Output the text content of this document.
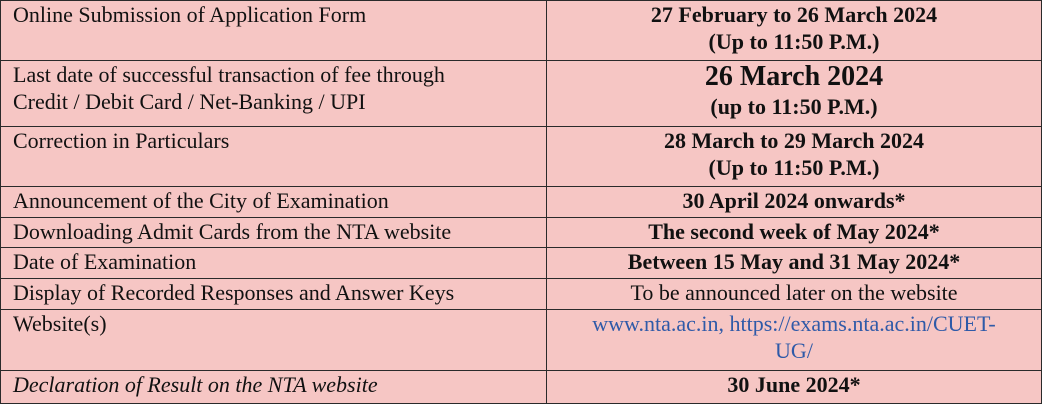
Online Submission of Application Form	27 February to 26 March 2024
(Up to 11:50 P.M.)

Last date of successful transaction of fee through
Credit / Debit Card / Net-Banking / UPI	26 March 2024
(up to 11:50 P.M.)

Correction in Particulars	28 March to 29 March 2024
(Up to 11:50 P.M.)

Announcement of the City of Examination	30 April 2024 onwards*

Downloading Admit Cards from the NTA website	The second week of May 2024*

Date of Examination	Between 15 May and 31 May 2024*

Display of Recorded Responses and Answer Keys	To be announced later on the website

Website(s)	www.nta.ac.in, https://exams.nta.ac.in/CUET-
UG/

Declaration of Result on the NTA website	30 June 2024*
